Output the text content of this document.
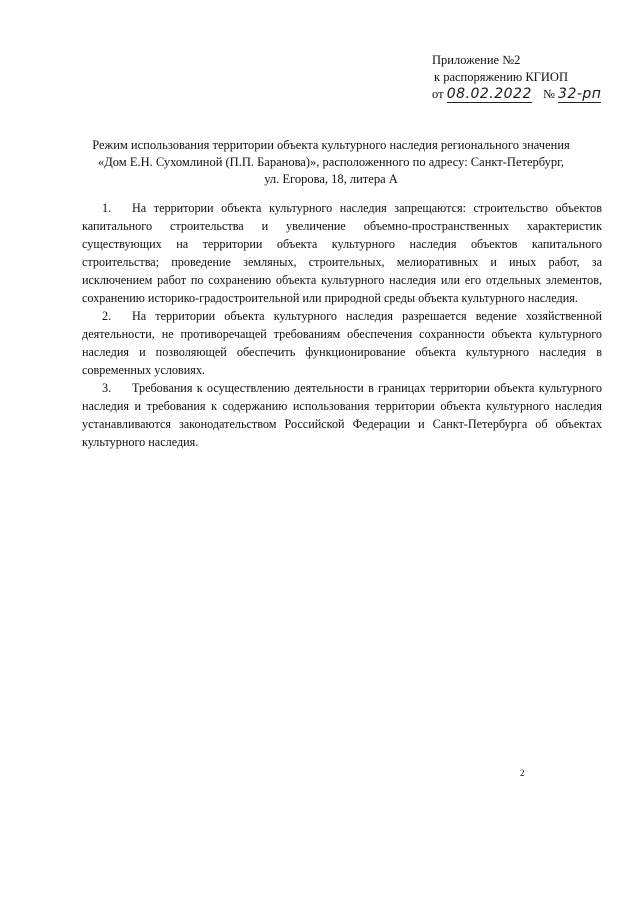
Приложение №2
к распоряжению КГИОП
от 08.02.2022 № 32-рп
Режим использования территории объекта культурного наследия регионального значения
«Дом Е.Н. Сухомлиной (П.П. Баранова)», расположенного по адресу: Санкт-Петербург,
ул. Егорова, 18, литера А

1. На территории объекта культурного наследия запрещаются: строительство объектов капитального строительства и увеличение объемно-пространственных характеристик существующих на территории объекта культурного наследия объектов капитального строительства; проведение земляных, строительных, мелиоративных и иных работ, за исключением работ по сохранению объекта культурного наследия или его отдельных элементов, сохранению историко-градостроительной или природной среды объекта культурного наследия.

2. На территории объекта культурного наследия разрешается ведение хозяйственной деятельности, не противоречащей требованиям обеспечения сохранности объекта культурного наследия и позволяющей обеспечить функционирование объекта культурного наследия в современных условиях.

3. Требования к осуществлению деятельности в границах территории объекта культурного наследия и требования к содержанию использования территории объекта культурного наследия устанавливаются законодательством Российской Федерации и Санкт-Петербурга об объектах культурного наследия.

2
